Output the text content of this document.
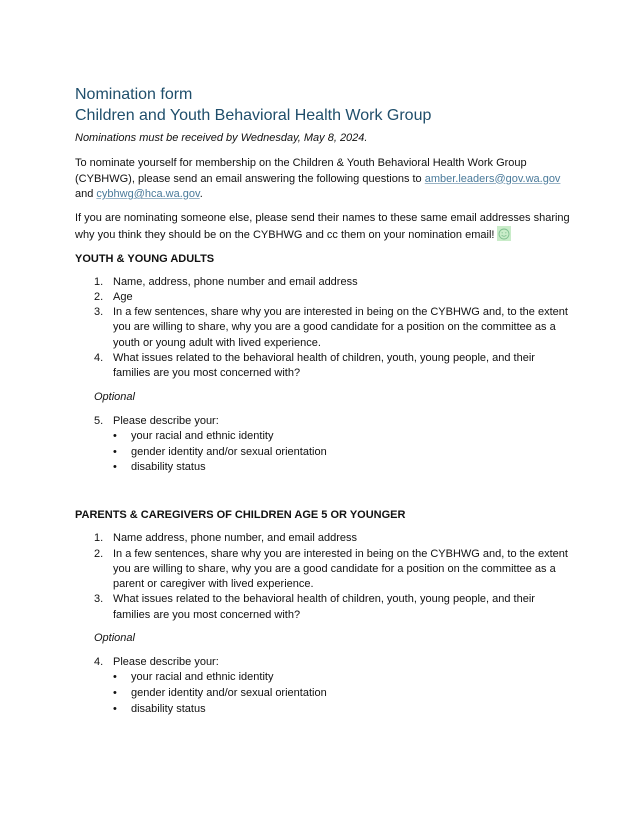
Nomination form
Children and Youth Behavioral Health Work Group

Nominations must be received by Wednesday, May 8, 2024.

To nominate yourself for membership on the Children & Youth Behavioral Health Work Group (CYBHWG), please send an email answering the following questions to amber.leaders@gov.wa.gov
and cybhwg@hca.wa.gov.

If you are nominating someone else, please send their names to these same email addresses sharing why you think they should be on the CYBHWG and cc them on your nomination email!

YOUTH & YOUNG ADULTS
1. Name, address, phone number and email address
2. Age
3. In a few sentences, share why you are interested in being on the CYBHWG and, to the extent you are willing to share, why you are a good candidate for a position on the committee as a youth or young adult with lived experience.
4. What issues related to the behavioral health of children, youth, young people, and their families are you most concerned with?
Optional
5. Please describe your:
• your racial and ethnic identity
• gender identity and/or sexual orientation
• disability status
PARENTS & CAREGIVERS OF CHILDREN AGE 5 OR YOUNGER
1. Name address, phone number, and email address
2. In a few sentences, share why you are interested in being on the CYBHWG and, to the extent you are willing to share, why you are a good candidate for a position on the committee as a parent or caregiver with lived experience.
3. What issues related to the behavioral health of children, youth, young people, and their families are you most concerned with?
Optional
4. Please describe your:
• your racial and ethnic identity
• gender identity and/or sexual orientation
• disability status
